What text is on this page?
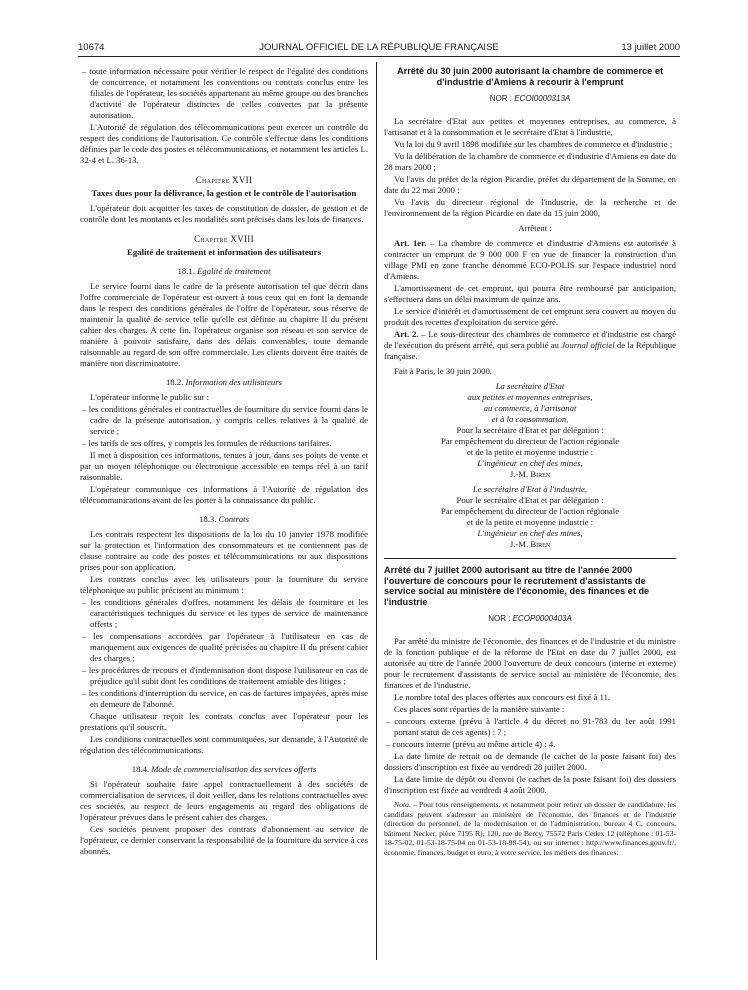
10674	JOURNAL OFFICIEL DE LA RÉPUBLIQUE FRANÇAISE	13 juillet 2000

– toute information nécessaire pour vérifier le respect de l'égalité des conditions de concurrence, et notamment les conventions ou contrats conclus entre les filiales de l'opérateur, les sociétés appartenant au même groupe ou des branches d'activité de l'opérateur distinctes de celles couvertes par la présente autorisation.

L'Autorité de régulation des télécommunications peut exercer un contrôle du respect des conditions de l'autorisation. Ce contrôle s'effectue dans les conditions définies par le code des postes et télécommunications, et notamment les articles L. 32-4 et L. 36-13.

Chapitre XVII
Taxes dues pour la délivrance, la gestion et le contrôle de l'autorisation

L'opérateur doit acquitter les taxes de constitution de dossier, de gestion et de contrôle dont les montants et les modalités sont précisés dans les lois de finances.

Chapitre XVIII
Egalité de traitement et information des utilisateurs
18.1. Egalité de traitement

Le service fourni dans le cadre de la présente autorisation tel que décrit dans l'offre commerciale de l'opérateur est ouvert à tous ceux qui en font la demande dans le respect des conditions générales de l'offre de l'opérateur, sous réserve de maintenir la qualité de service telle qu'elle est définie au chapitre II du présent cahier des charges. A cette fin, l'opérateur organise son réseau et son service de manière à pouvoir satisfaire, dans des délais convenables, toute demande raisonnable au regard de son offre commerciale. Les clients doivent être traités de manière non discriminatoire.

18.2. Information des utilisateurs

L'opérateur informe le public sur :

– les conditions générales et contractuelles de fourniture du service fourni dans le cadre de la présente autorisation, y compris celles relatives à la qualité de service ;

– les tarifs de ses offres, y compris les formules de réductions tarifaires.

Il met à disposition ces informations, tenues à jour, dans ses points de vente et par un moyen téléphonique ou électronique accessible en temps réel à un tarif raisonnable.

L'opérateur communique ces informations à l'Autorité de régulation des télécommunications avant de les porter à la connaissance du public.

18.3. Contrats

Les contrats respectent les dispositions de la loi du 10 janvier 1978 modifiée sur la protection et l'information des consommateurs et ne contiennent pas de clause contraire au code des postes et télécommunications ou aux dispositions prises pour son application.

Les contrats conclus avec les utilisateurs pour la fourniture du service téléphonique au public précisent au minimum :

– les conditions générales d'offres, notamment les délais de fourniture et les caractéristiques techniques du service et les types de service de maintenance offerts ;

– les compensations accordées par l'opérateur à l'utilisateur en cas de manquement aux exigences de qualité précisées au chapitre II du présent cahier des charges ;

– les procédures de recours et d'indemnisation dont dispose l'utilisateur en cas de préjudice qu'il subit dont les conditions de traitement amiable des litiges ;

– les conditions d'interruption du service, en cas de factures impayées, après mise en demeure de l'abonné.

Chaque utilisateur reçoit les contrats conclus avec l'opérateur pour les prestations qu'il souscrit.

Les conditions contractuelles sont communiquées, sur demande, à l'Autorité de régulation des télécommunications.

18.4. Mode de commercialisation des services offerts

Si l'opérateur souhaite faire appel contractuellement à des sociétés de commercialisation de services, il doit veiller, dans les relations contractuelles avec ces sociétés, au respect de leurs engagements au regard des obligations de l'opérateur prévues dans le présent cahier des charges.

Ces sociétés peuvent proposer des contrats d'abonnement au service de l'opérateur, ce dernier conservant la responsabilité de la fourniture du service à ces abonnés.

Arrêté du 30 juin 2000 autorisant la chambre de commerce et d'industrie d'Amiens à recourir à l'emprunt
NOR : ECOI0000313A

La secrétaire d'Etat aux petites et moyennes entreprises, au commerce, à l'artisanat et à la consommation et le secrétaire d'Etat à l'industrie,

Vu la loi du 9 avril 1898 modifiée sur les chambres de commerce et d'industrie ;

Vu la délibération de la chambre de commerce et d'industrie d'Amiens en date du 28 mars 2000 ;

Vu l'avis du préfet de la région Picardie, préfet du département de la Somme, en date du 22 mai 2000 ;

Vu l'avis du directeur régional de l'industrie, de la recherche et de l'environnement de la région Picardie en date du 15 juin 2000,

Arrêtent :

Art. 1er. – La chambre de commerce et d'industrie d'Amiens est autorisée à contracter un emprunt de 9 000 000 F en vue de financer la construction d'un village PMI en zone franche dénommé ECO-POLIS sur l'espace industriel nord d'Amiens.

L'amortissement de cet emprunt, qui pourra être remboursé par anticipation, s'effectuera dans un délai maximum de quinze ans.

Le service d'intérêt et d'amortissement de cet emprunt sera couvert au moyen du produit des recettes d'exploitation du service géré.

Art. 2. – Le sous-directeur des chambres de commerce et d'industrie est chargé de l'exécution du présent arrêté, qui sera publié au Journal officiel de la République française.

Fait à Paris, le 30 juin 2000.

La secrétaire d'Etat
aux petites et moyennes entreprises,
au commerce, à l'artisanat
et à la consommation,
Pour la secrétaire d'Etat et par délégation :
Par empêchement du directeur de l'action régionale
et de la petite et moyenne industrie :
L'ingénieur en chef des mines,
J.-M. Biren
Le secrétaire d'Etat à l'industrie,
Pour le secrétaire d'Etat et par délégation :
Par empêchement du directeur de l'action régionale
et de la petite et moyenne industrie :
L'ingénieur en chef des mines,
J.-M. Biren
Arrêté du 7 juillet 2000 autorisant au titre de l'année 2000 l'ouverture de concours pour le recrutement d'assistants de service social au ministère de l'économie, des finances et de l'industrie
NOR : ECOP0000403A

Par arrêté du ministre de l'économie, des finances et de l'industrie et du ministre de la fonction publique et de la réforme de l'Etat en date du 7 juillet 2000, est autorisée au titre de l'année 2000 l'ouverture de deux concours (interne et externe) pour le recrutement d'assistants de service social au ministère de l'économie, des finances et de l'industrie.

Le nombre total des places offertes aux concours est fixé à 11.

Ces places sont réparties de la manière suivante :

– concours externe (prévu à l'article 4 du décret no 91-783 du 1er août 1991 portant statut de ces agents) : 7 ;

– concours interne (prévu au même article 4) : 4.

La date limite de retrait ou de demande (le cachet de la poste faisant foi) des dossiers d'inscription est fixée au vendredi 28 juillet 2000.

La date limite de dépôt ou d'envoi (le cachet de la poste faisant foi) des dossiers d'inscription est fixée au vendredi 4 août 2000.

Nota. – Pour tous renseignements, et notamment pour retirer un dossier de candidature, les candidats peuvent s'adresser au ministère de l'économie, des finances et de l'industrie (direction du personnel, de la modernisation et de l'administration, bureau 4 C, concours, bâtiment Necker, pièce 7195 R), 120, rue de Bercy, 75572 Paris Cedex 12 (téléphone : 01-53-18-75-02, 01-53-18-75-04 ou 01-53-18-98-54), ou sur internet : http://www.finances.gouv.fr/, économie, finances, budget et euro, à votre service, les métiers des finances.
